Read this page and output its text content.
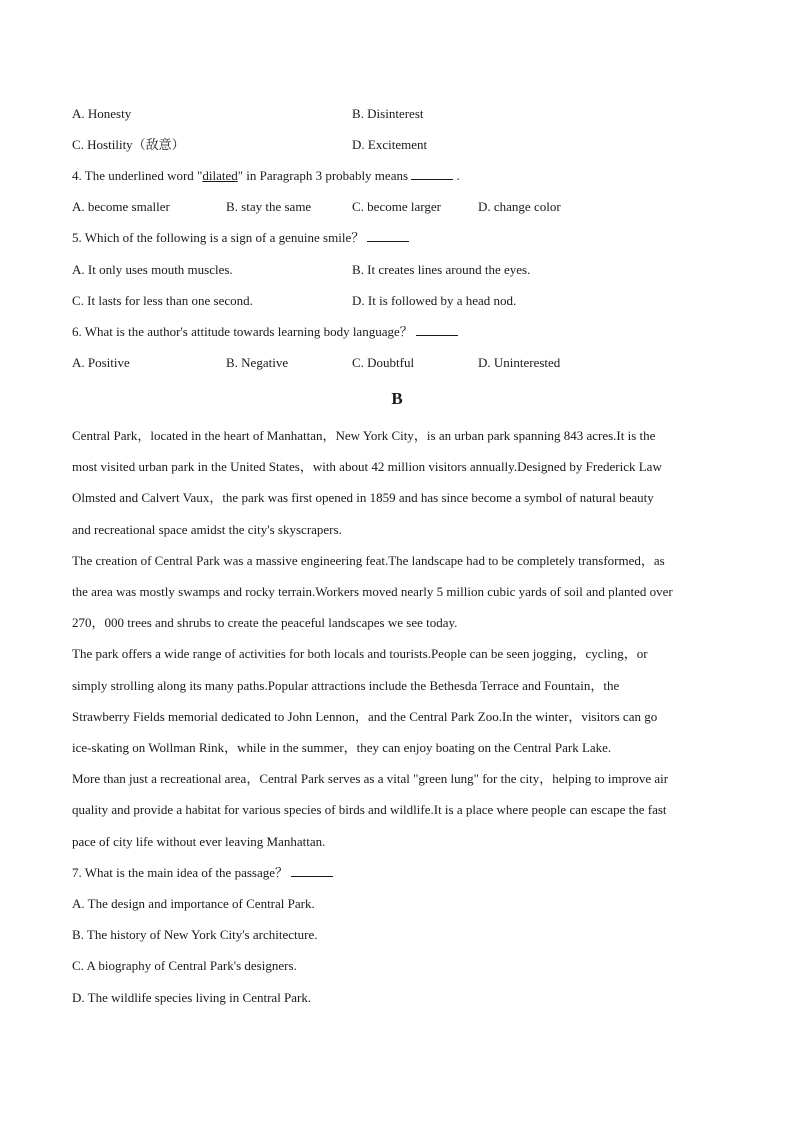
A. Honesty	B. Disinterest
C. Hostility（敌意）	D. Excitement
4. The underlined word "dilated" in Paragraph 3 probably means	.
A. become smaller	B. stay the same	C. become larger	D. change color
5. Which of the following is a sign of a genuine smile？
A. It only uses mouth muscles.	B. It creates lines around the eyes.
C. It lasts for less than one second.	D. It is followed by a head nod.
6. What is the author's attitude towards learning body language？
A. Positive	B. Negative	C. Doubtful	D. Uninterested
B
Central Park，located in the heart of Manhattan，New York City，is an urban park spanning 843 acres.It is the
most visited urban park in the United States，with about 42 million visitors annually.Designed by Frederick Law
Olmsted and Calvert Vaux，the park was first opened in 1859 and has since become a symbol of natural beauty
and recreational space amidst the city's skyscrapers.
The creation of Central Park was a massive engineering feat.The landscape had to be completely transformed，as
the area was mostly swamps and rocky terrain.Workers moved nearly 5 million cubic yards of soil and planted over
270，000 trees and shrubs to create the peaceful landscapes we see today.
The park offers a wide range of activities for both locals and tourists.People can be seen jogging，cycling，or
simply strolling along its many paths.Popular attractions include the Bethesda Terrace and Fountain，the
Strawberry Fields memorial dedicated to John Lennon，and the Central Park Zoo.In the winter，visitors can go
ice-skating on Wollman Rink，while in the summer，they can enjoy boating on the Central Park Lake.
More than just a recreational area，Central Park serves as a vital "green lung" for the city，helping to improve air
quality and provide a habitat for various species of birds and wildlife.It is a place where people can escape the fast
pace of city life without ever leaving Manhattan.
7. What is the main idea of the passage？
A. The design and importance of Central Park.
B. The history of New York City's architecture.
C. A biography of Central Park's designers.
D. The wildlife species living in Central Park.
